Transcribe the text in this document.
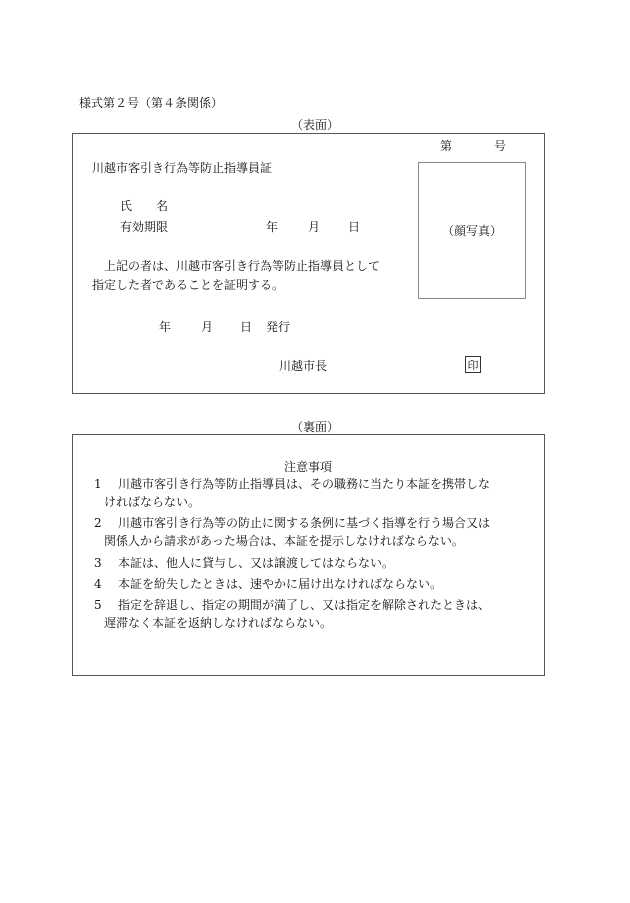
様式第２号（第４条関係）
（表面）
第	号
川越市客引き行為等防止指導員証
氏　　名
有効期限	年 月 日	（顔写真）
上記の者は、川越市客引き行為等防止指導員として
指定した者であることを証明する。
年 月 日 発行
川越市長	印
（裏面）
注意事項
1	川越市客引き行為等防止指導員は、その職務に当たり本証を携帯しな
ければならない。
2	川越市客引き行為等の防止に関する条例に基づく指導を行う場合又は
関係人から請求があった場合は、本証を提示しなければならない。
3	本証は、他人に貸与し、又は譲渡してはならない。
4	本証を紛失したときは、速やかに届け出なければならない。
5	指定を辞退し、指定の期間が満了し、又は指定を解除されたときは、
遅滞なく本証を返納しなければならない。
